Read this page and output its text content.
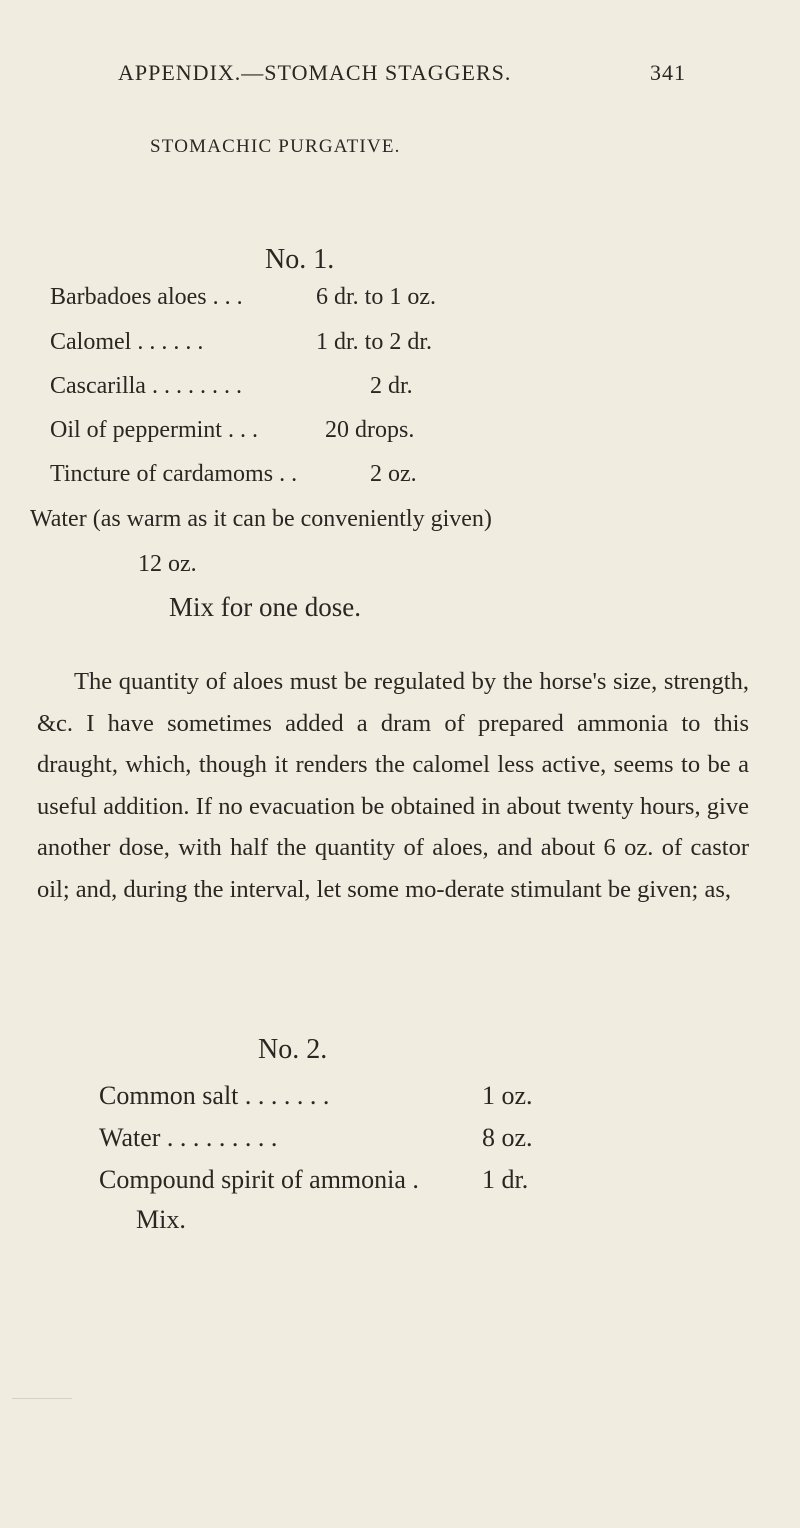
APPENDIX.—STOMACH STAGGERS.	341
STOMACHIC PURGATIVE.
No. 1.
Barbadoes aloes . . .	6 dr. to 1 oz.
Calomel . . . . . .	1 dr. to 2 dr.
Cascarilla . . . . . . . .	2 dr.
Oil of peppermint . . .	20 drops.
Tincture of cardamoms . .	2 oz.
Water (as warm as it can be conveniently given)
12 oz.
Mix for one dose.

The quantity of aloes must be regulated by the horse's size, strength, &c. I have sometimes added a dram of prepared ammonia to this draught, which, though it renders the calomel less active, seems to be a useful addition. If no evacuation be obtained in about twenty hours, give another dose, with half the quantity of aloes, and about 6 oz. of castor oil; and, during the interval, let some mo-derate stimulant be given; as,

No. 2.
Common salt . . . . . . .	1 oz.
Water . . . . . . . . .	8 oz.
Compound spirit of ammonia . 1 dr.
Mix.
